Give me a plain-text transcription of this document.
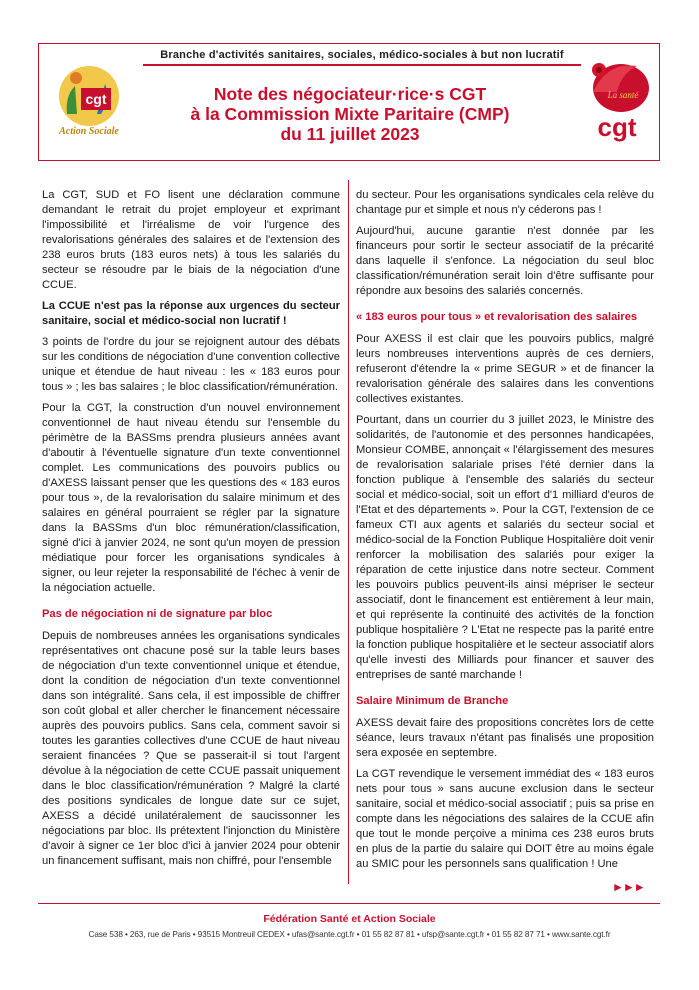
Branche d'activités sanitaires, sociales, médico-sociales à but non lucratif
cgt
Action Sociale
Note des négociateur·rice·s CGT
à la Commission Mixte Paritaire (CMP)
du 11 juillet 2023
La santé
cgt

La CGT, SUD et FO lisent une déclaration commune demandant le retrait du projet employeur et exprimant l'impossibilité et l'irréalisme de voir l'urgence des revalorisations générales des salaires et de l'extension des 238 euros bruts (183 euros nets) à tous les salariés du secteur se résoudre par le biais de la négociation d'une CCUE.

La CCUE n'est pas la réponse aux urgences du secteur sanitaire, social et médico-social non lucratif !

3 points de l'ordre du jour se rejoignent autour des débats sur les conditions de négociation d'une convention collective unique et étendue de haut niveau : les « 183 euros pour tous » ; les bas salaires ; le bloc classification/rémunération.

Pour la CGT, la construction d'un nouvel environnement conventionnel de haut niveau étendu sur l'ensemble du périmètre de la BASSms prendra plusieurs années avant d'aboutir à l'éventuelle signature d'un texte conventionnel complet. Les communications des pouvoirs publics ou d'AXESS laissant penser que les questions des « 183 euros pour tous », de la revalorisation du salaire minimum et des salaires en général pourraient se régler par la signature dans la BASSms d'un bloc rémunération/classification, signé d'ici à janvier 2024, ne sont qu'un moyen de pression médiatique pour forcer les organisations syndicales à signer, ou leur rejeter la responsabilité de l'échec à venir de la négociation actuelle.

Pas de négociation ni de signature par bloc

Depuis de nombreuses années les organisations syndicales représentatives ont chacune posé sur la table leurs bases de négociation d'un texte conventionnel unique et étendue, dont la condition de négociation d'un texte conventionnel dans son intégralité. Sans cela, il est impossible de chiffrer son coût global et aller chercher le financement nécessaire auprès des pouvoirs publics. Sans cela, comment savoir si toutes les garanties collectives d'une CCUE de haut niveau seraient financées ? Que se passerait-il si tout l'argent dévolue à la négociation de cette CCUE passait uniquement dans le bloc classification/rémunération ? Malgré la clarté des positions syndicales de longue date sur ce sujet, AXESS a décidé unilatéralement de saucissonner les négociations par bloc. Ils prétextent l'injonction du Ministère d'avoir à signer ce 1er bloc d'ici à janvier 2024 pour obtenir un financement suffisant, mais non chiffré, pour l'ensemble

du secteur. Pour les organisations syndicales cela relève du chantage pur et simple et nous n'y céderons pas !

Aujourd'hui, aucune garantie n'est donnée par les financeurs pour sortir le secteur associatif de la précarité dans laquelle il s'enfonce. La négociation du seul bloc classification/rémunération serait loin d'être suffisante pour répondre aux besoins des salariés concernés.

« 183 euros pour tous » et revalorisation des salaires

Pour AXESS il est clair que les pouvoirs publics, malgré leurs nombreuses interventions auprès de ces derniers, refuseront d'étendre la « prime SEGUR » et de financer la revalorisation générale des salaires dans les conventions collectives existantes.

Pourtant, dans un courrier du 3 juillet 2023, le Ministre des solidarités, de l'autonomie et des personnes handicapées, Monsieur COMBE, annonçait « l'élargissement des mesures de revalorisation salariale prises l'été dernier dans la fonction publique à l'ensemble des salariés du secteur social et médico-social, soit un effort d'1 milliard d'euros de l'Etat et des départements ». Pour la CGT, l'extension de ce fameux CTI aux agents et salariés du secteur social et médico-social de la Fonction Publique Hospitalière doit venir renforcer la mobilisation des salariés pour exiger la réparation de cette injustice dans notre secteur. Comment les pouvoirs publics peuvent-ils ainsi mépriser le secteur associatif, dont le financement est entièrement à leur main, et qui représente la continuité des activités de la fonction publique hospitalière ? L'Etat ne respecte pas la parité entre la fonction publique hospitalière et le secteur associatif alors qu'elle investi des Milliards pour financer et sauver des entreprises de santé marchande !

Salaire Minimum de Branche

AXESS devait faire des propositions concrètes lors de cette séance, leurs travaux n'étant pas finalisés une proposition sera exposée en septembre.

La CGT revendique le versement immédiat des « 183 euros nets pour tous » sans aucune exclusion dans le secteur sanitaire, social et médico-social associatif ; puis sa prise en compte dans les négociations des salaires de la CCUE afin que tout le monde perçoive a minima ces 238 euros bruts en plus de la partie du salaire qui DOIT être au moins égale au SMIC pour les personnels sans qualification ! Une

►►►
Fédération Santé et Action Sociale
Case 538 • 263, rue de Paris • 93515 Montreuil CEDEX • ufas@sante.cgt.fr • 01 55 82 87 81 • ufsp@sante.cgt.fr • 01 55 82 87 71 • www.sante.cgt.fr
